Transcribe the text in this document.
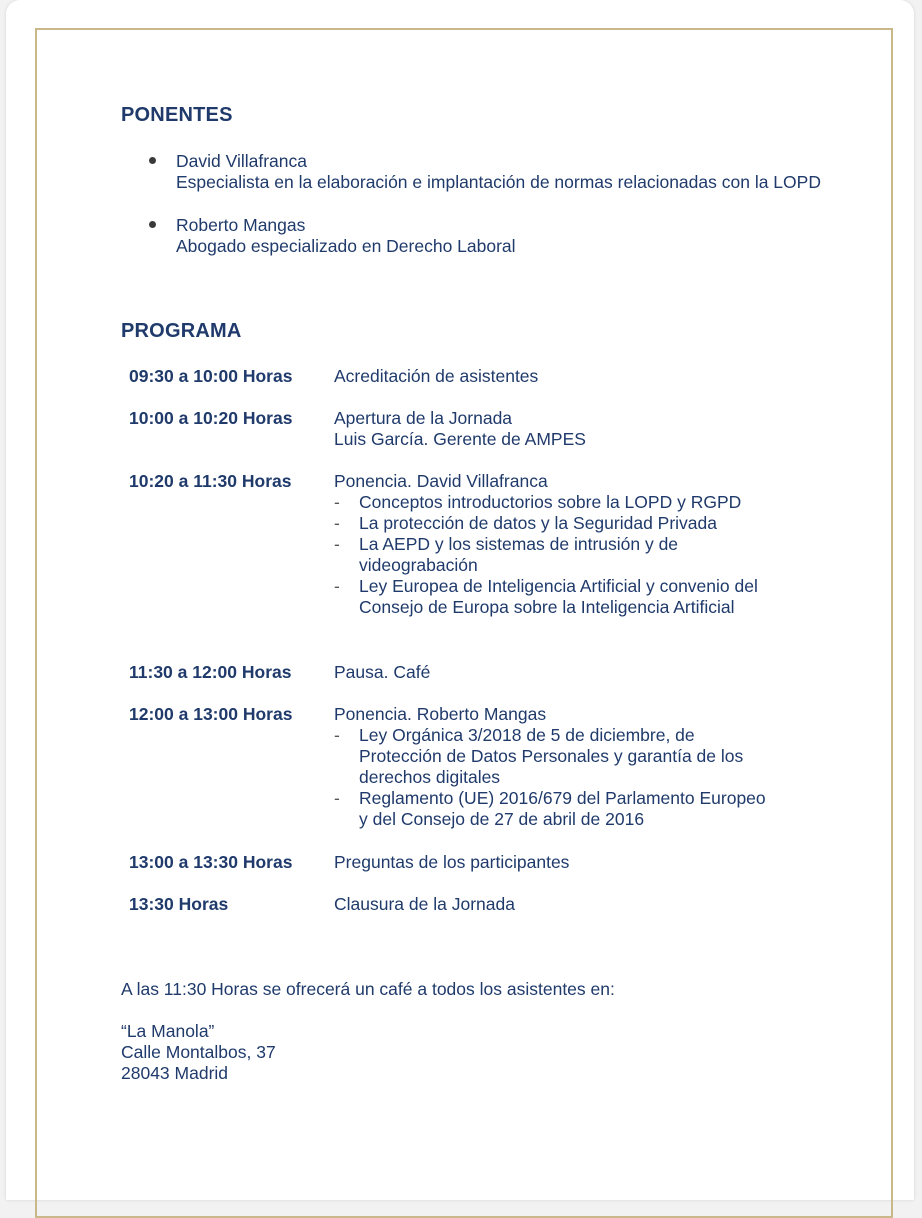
PONENTES
David Villafranca
Especialista en la elaboración e implantación de normas relacionadas con la LOPD
Roberto Mangas
Abogado especializado en Derecho Laboral
PROGRAMA
09:30 a 10:00 Horas Acreditación de asistentes
10:00 a 10:20 Horas Apertura de la Jornada
Luis García. Gerente de AMPES
10:20 a 11:30 Horas Ponencia. David Villafranca
- Conceptos introductorios sobre la LOPD y RGPD
- La protección de datos y la Seguridad Privada
- La AEPD y los sistemas de intrusión y de videograbación
- Ley Europea de Inteligencia Artificial y convenio del Consejo de Europa sobre la Inteligencia Artificial
11:30 a 12:00 Horas Pausa. Café
12:00 a 13:00 Horas Ponencia. Roberto Mangas
- Ley Orgánica 3/2018 de 5 de diciembre, de Protección de Datos Personales y garantía de los derechos digitales
- Reglamento (UE) 2016/679 del Parlamento Europeo y del Consejo de 27 de abril de 2016
13:00 a 13:30 Horas Preguntas de los participantes
13:30 Horas	Clausura de la Jornada
A las 11:30 Horas se ofrecerá un café a todos los asistentes en:
“La Manola”
Calle Montalbos, 37
28043 Madrid
